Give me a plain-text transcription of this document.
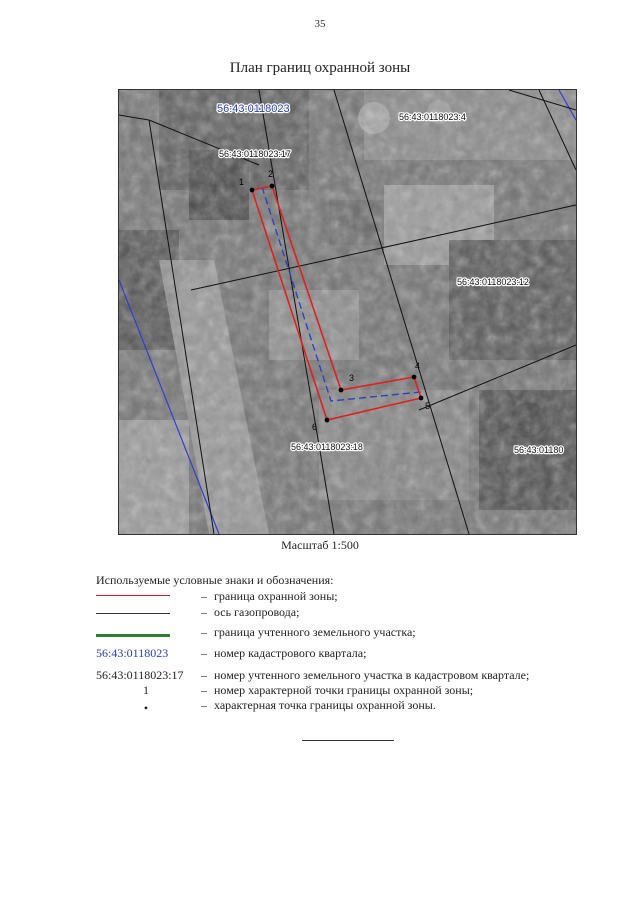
35
План границ охранной зоны
1
2
3
4
5
6
56:43:0118023:4
56:43:0118023:17
56:43:0118023:12
56:43:0118023:18	56:43:01180
56:43:0118023
Масштаб 1:500
Используемые условные знаки и обозначения:
– граница охранной зоны;
– ось газопровода;
– граница учтенного земельного участка;
56:43:0118023	– номер кадастрового квартала;
56:43:0118023:17 – номер учтенного земельного участка в кадастровом квартале;
1	– номер характерной точки границы охранной зоны;
•	– характерная точка границы охранной зоны.
